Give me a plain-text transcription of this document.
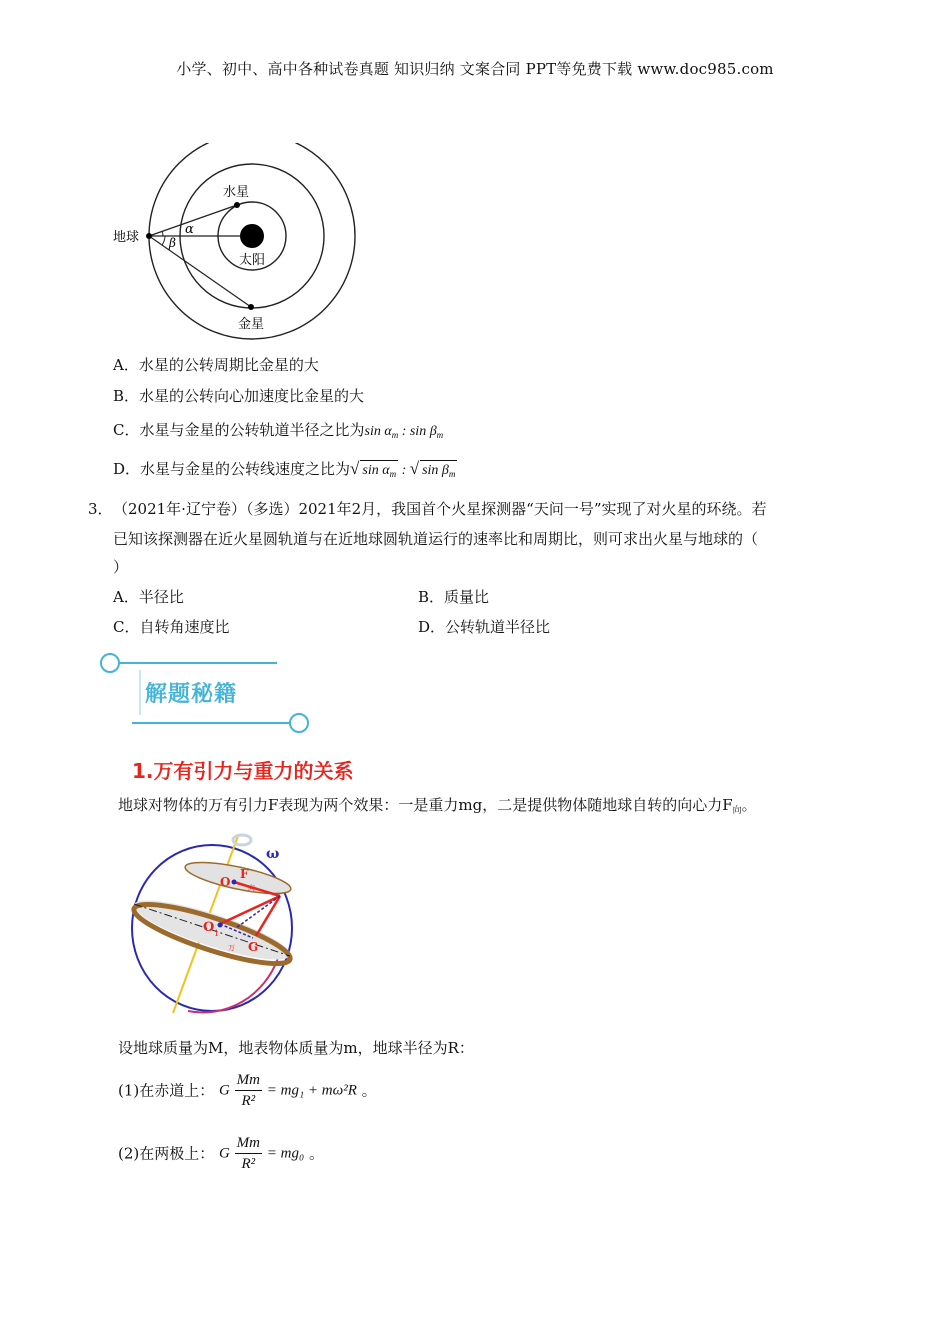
小学、初中、高中各种试卷真题 知识归纳 文案合同 PPT等免费下载 www.doc985.com
地球
水星
太阳
金星
α
β
A．水星的公转周期比金星的大
B．水星的公转向心加速度比金星的大
C．水星与金星的公转轨道半径之比为$\sin \alpha_m$ : $\sin \beta_m$
D．水星与金星的公转线速度之比为√ $\sin \alpha_m$ : √ $\sin \beta_m$
3． （2021年·辽宁卷）（多选）2021年2月，我国首个火星探测器“天问一号”实现了对火星的环绕。若
已知该探测器在近火星圆轨道与在近地球圆轨道运行的速率比和周期比，则可求出火星与地球的（
）
A．半径比	B．质量比
C．自转角速度比	D．公转轨道半径比
解题秘籍
1.万有引力与重力的关系
地球对物体的万有引力F表现为两个效果：一是重力mg，二是提供物体随地球自转的向心力$F_向$。
ω
O
F
向
O 1
万 G
设地球质量为M，地表物体质量为m，地球半径为R：
(1)在赤道上： G $\frac{Mm}{\text{R²}} = mg_1 + m\omega^2R$ 。
(2)在两极上： G $\frac{Mm}{\text{R²}} = mg_0$ 。
